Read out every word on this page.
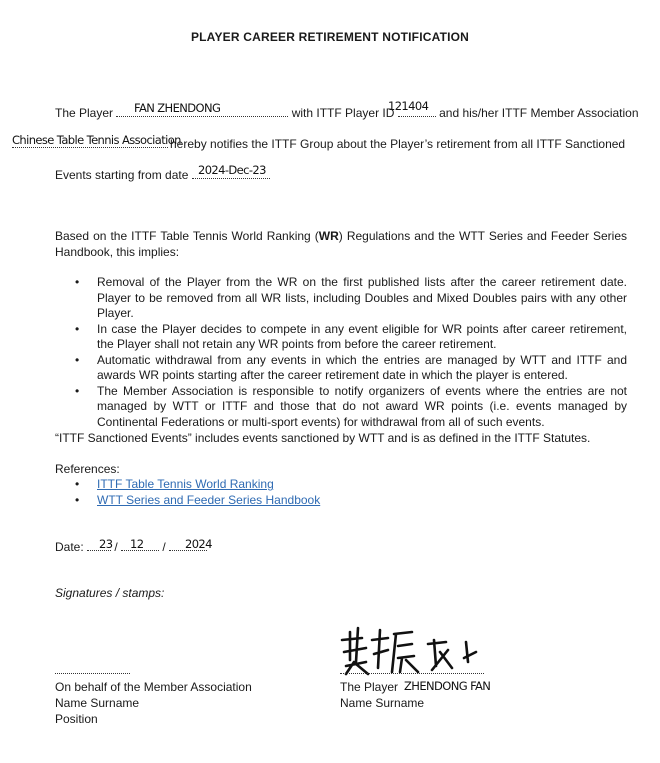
PLAYER CAREER RETIREMENT NOTIFICATION
The Player	with ITTF Player ID	and his/her ITTF Member Association
FAN ZHENDONG	121404
hereby notifies the ITTF Group about the Player’s retirement from all ITTF Sanctioned
Chinese Table Tennis Association
Events starting from date 2024-Dec-23
Based on the ITTF Table Tennis World Ranking (WR) Regulations and the WTT Series and Feeder Series Handbook, this implies:
• Removal of the Player from the WR on the first published lists after the career retirement date. Player to be removed from all WR lists, including Doubles and Mixed Doubles pairs with any other Player.
• In case the Player decides to compete in any event eligible for WR points after career retirement, the Player shall not retain any WR points from before the career retirement.
• Automatic withdrawal from any events in which the entries are managed by WTT and ITTF and awards WR points starting after the career retirement date in which the player is entered.
• The Member Association is responsible to notify organizers of events where the entries are not managed by WTT or ITTF and those that do not award WR points (i.e. events managed by Continental Federations or multi-sport events) for withdrawal from all of such events.
“ITTF Sanctioned Events” includes events sanctioned by WTT and is as defined in the ITTF Statutes.
References:
• ITTF Table Tennis World Ranking
• WTT Series and Feeder Series Handbook
Date:	/	/
23 12	2024
Signatures / stamps:
On behalf of the Member Association
Name Surname
Position
The Player ZHENDONG FAN
Name Surname
